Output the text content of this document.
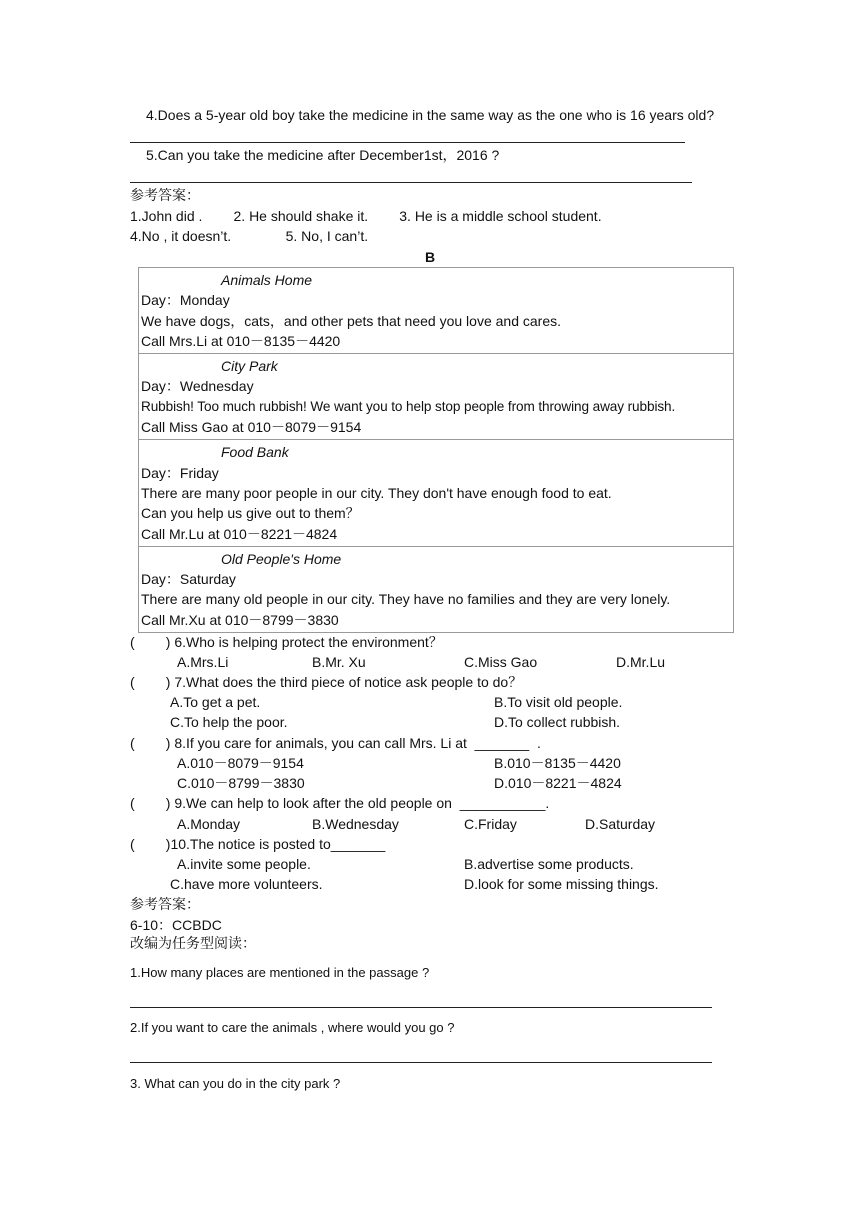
4.Does a 5-year old boy take the medicine in the same way as the one who is 16 years old?
5.Can you take the medicine after December1st，2016 ?
参考答案：
1.John did .        2. He should shake it.        3. He is a middle school student.
4.No , it doesn’t.              5. No, I can’t.
B
Animals Home
Day：Monday
We have dogs，cats，and other pets that need you love and cares.
Call Mrs.Li at 010－8135－4420
City Park
Day：Wednesday
Rubbish! Too much rubbish! We want you to help stop people from throwing away rubbish.
Call Miss Gao at 010－8079－9154
Food Bank
Day：Friday
There are many poor people in our city. They don't have enough food to eat.
Can you help us give out to them？
Call Mr.Lu at 010－8221－4824
Old People's Home
Day：Saturday
There are many old people in our city. They have no families and they are very lonely.
Call Mr.Xu at 010－8799－3830
(        ) 6.Who is helping protect the environment？
A.Mrs.Li	B.Mr. Xu	C.Miss Gao	D.Mr.Lu
(        ) 7.What does the third piece of notice ask people to do？
A.To get a pet.	B.To visit old people.
C.To help the poor.	D.To collect rubbish.
(        ) 8.If you care for animals, you can call Mrs. Li at  _______  .
A.010－8079－9154	B.010－8135－4420
C.010－8799－3830	D.010－8221－4824
(        ) 9.We can help to look after the old people on  ___________.
A.Monday	B.Wednesday	C.Friday	D.Saturday
(        )10.The notice is posted to_______
A.invite some people.	B.advertise some products.
C.have more volunteers.	D.look for some missing things.
参考答案：
6-10：CCBDC
改编为任务型阅读：
1.How many places are mentioned in the passage ?
2.If you want to care the animals , where would you go ?
3. What can you do in the city park ?
